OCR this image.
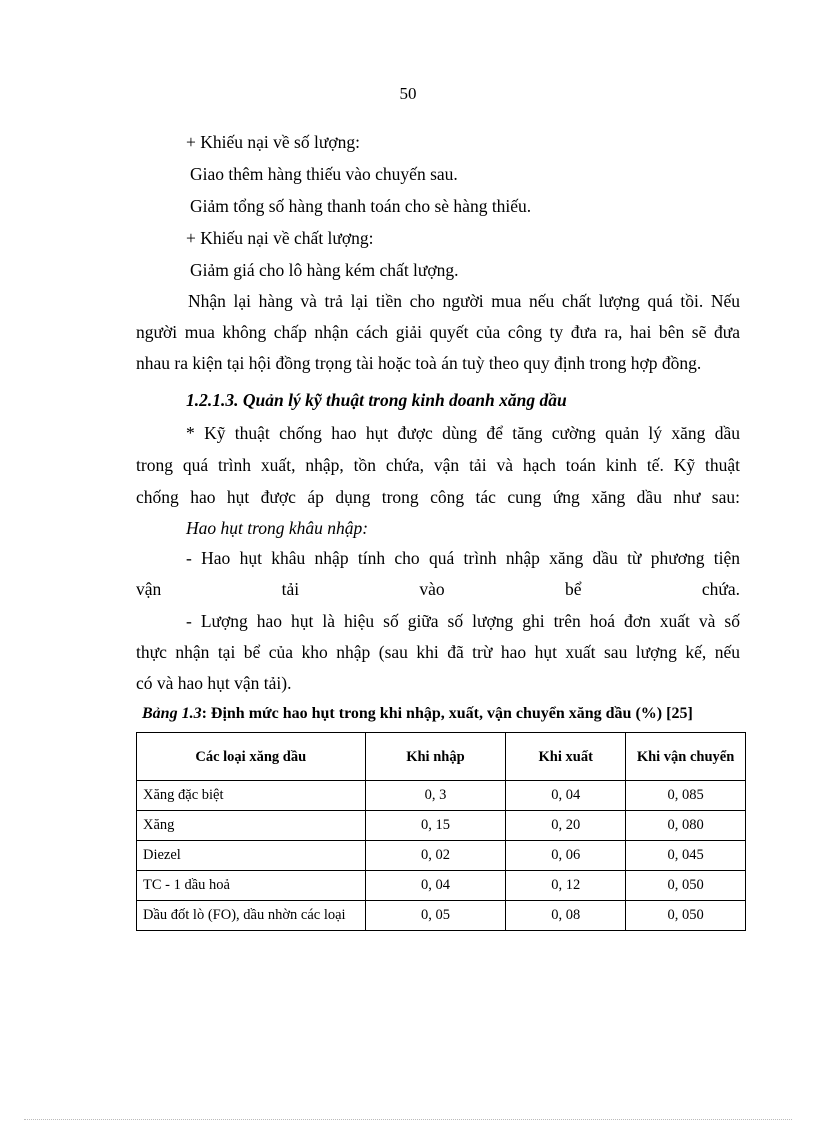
50
+ Khiếu nại về số lượng:
Giao thêm hàng thiếu vào chuyến sau.
Giảm tổng số hàng thanh toán cho sè hàng thiếu.
+ Khiếu nại về chất lượng:
Giảm giá cho lô hàng kém chất lượng.
Nhận lại hàng và trả lại tiền cho người mua nếu chất lượng quá tồi. Nếu
người mua không chấp nhận cách giải quyết của công ty đưa ra, hai bên sẽ đưa
nhau ra kiện tại hội đồng trọng tài hoặc toà án tuỳ theo quy định trong hợp đồng.
1.2.1.3. Quản lý kỹ thuật trong kinh doanh xăng dầu
* Kỹ thuật chống hao hụt được dùng để tăng cường quản lý xăng dầu
trong quá trình xuất, nhập, tồn chứa, vận tải và hạch toán kinh tế. Kỹ thuật
chống hao hụt được áp dụng trong công tác cung ứng xăng dầu như sau:
Hao hụt trong khâu nhập:
- Hao hụt khâu nhập tính cho quá trình nhập xăng dầu từ phương tiện
vận tải vào bể chứa.
- Lượng hao hụt là hiệu số giữa số lượng ghi trên hoá đơn xuất và số
thực nhận tại bể của kho nhập (sau khi đã trừ hao hụt xuất sau lượng kế, nếu
có và hao hụt vận tải).
Bảng 1.3: Định mức hao hụt trong khi nhập, xuất, vận chuyển xăng dầu (%) [25]
Các loại xăng dầu	Khi nhập	Khi xuất	Khi vận chuyển
Xăng đặc biệt	0, 3	0, 04	0, 085
Xăng	0, 15	0, 20	0, 080
Diezel	0, 02	0, 06	0, 045
TC - 1 dầu hoả	0, 04	0, 12	0, 050
Dầu đốt lò (FO), dầu nhờn các loại	0, 05	0, 08	0, 050
